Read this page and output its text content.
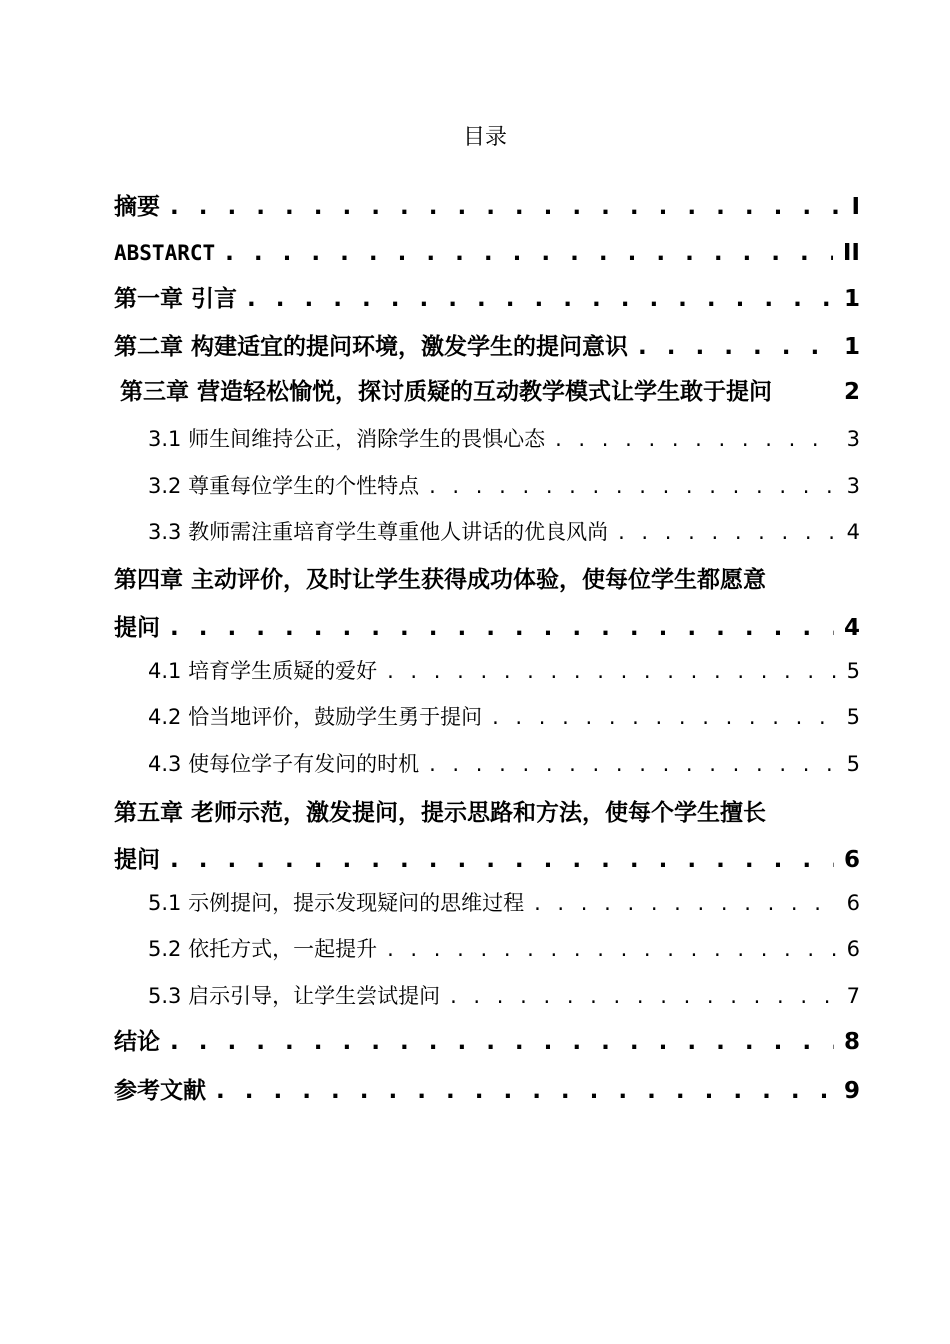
目录
摘要 . . .	I
ABSTARCT . . .	II
第一章 引言 . . .	1
第二章 构建适宜的提问环境，激发学生的提问意识 . . .	1
第三章 营造轻松愉悦，探讨质疑的互动教学模式让学生敢于提问	2
3.1 师生间维持公正，消除学生的畏惧心态 . . .	3
3.2 尊重每位学生的个性特点 . . .	3
3.3 教师需注重培育学生尊重他人讲话的优良风尚 . . .	4
第四章 主动评价，及时让学生获得成功体验，使每位学生都愿意
提问 . . .	4
4.1 培育学生质疑的爱好 . . .	5
4.2 恰当地评价，鼓励学生勇于提问 . . .	5
4.3 使每位学子有发问的时机 . . .	5
第五章 老师示范，激发提问，提示思路和方法，使每个学生擅长
提问 . . .	6
5.1 示例提问，提示发现疑问的思维过程 . . .	6
5.2 依托方式，一起提升 . . .	6
5.3 启示引导，让学生尝试提问 . . .	7
结论 . . .	8
参考文献 . . .	9
